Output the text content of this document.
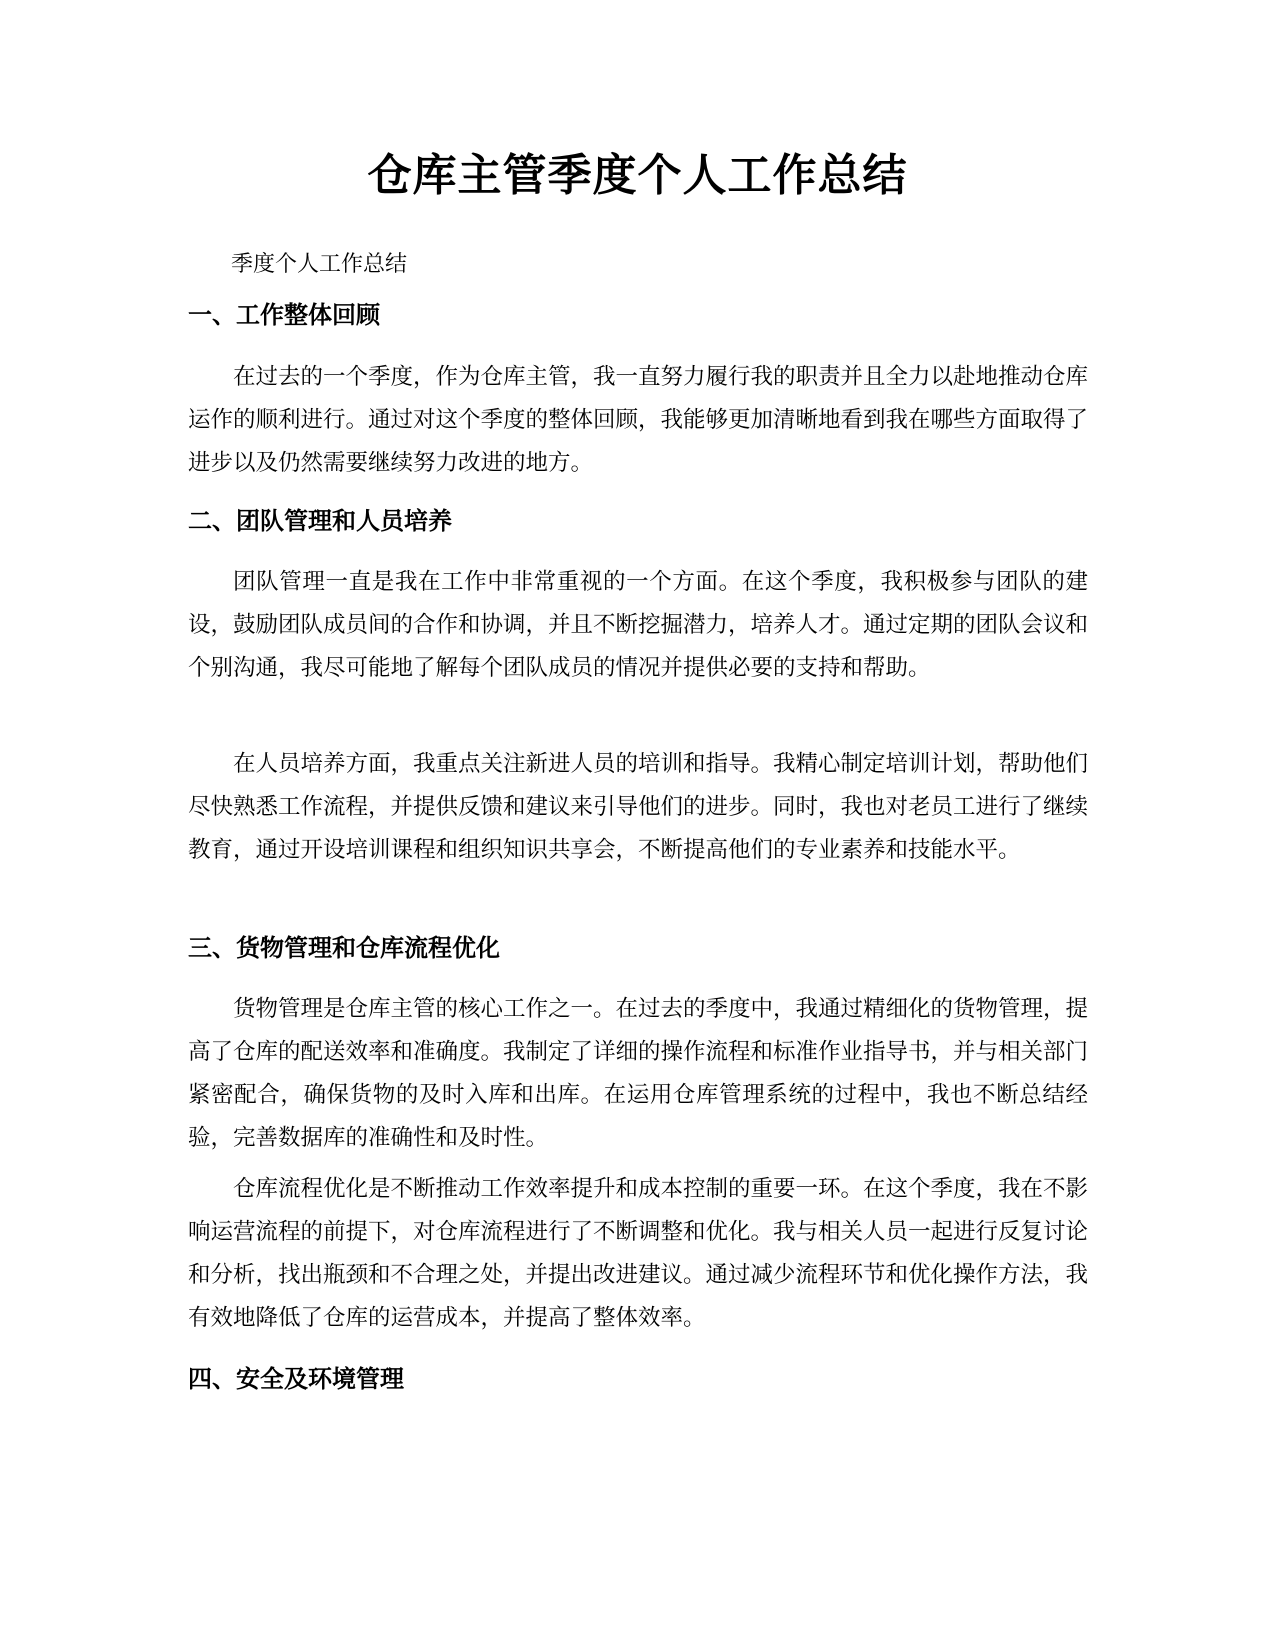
仓库主管季度个人工作总结

季度个人工作总结

一、工作整体回顾

在过去的一个季度，作为仓库主管，我一直努力履行我的职责并且全力以赴地推动仓库运作的顺利进行。通过对这个季度的整体回顾，我能够更加清晰地看到我在哪些方面取得了进步以及仍然需要继续努力改进的地方。

二、团队管理和人员培养

团队管理一直是我在工作中非常重视的一个方面。在这个季度，我积极参与团队的建设，鼓励团队成员间的合作和协调，并且不断挖掘潜力，培养人才。通过定期的团队会议和个别沟通，我尽可能地了解每个团队成员的情况并提供必要的支持和帮助。

在人员培养方面，我重点关注新进人员的培训和指导。我精心制定培训计划，帮助他们尽快熟悉工作流程，并提供反馈和建议来引导他们的进步。同时，我也对老员工进行了继续教育，通过开设培训课程和组织知识共享会，不断提高他们的专业素养和技能水平。

三、货物管理和仓库流程优化

货物管理是仓库主管的核心工作之一。在过去的季度中，我通过精细化的货物管理，提高了仓库的配送效率和准确度。我制定了详细的操作流程和标准作业指导书，并与相关部门紧密配合，确保货物的及时入库和出库。在运用仓库管理系统的过程中，我也不断总结经验，完善数据库的准确性和及时性。

仓库流程优化是不断推动工作效率提升和成本控制的重要一环。在这个季度，我在不影响运营流程的前提下，对仓库流程进行了不断调整和优化。我与相关人员一起进行反复讨论和分析，找出瓶颈和不合理之处，并提出改进建议。通过减少流程环节和优化操作方法，我有效地降低了仓库的运营成本，并提高了整体效率。

四、安全及环境管理
